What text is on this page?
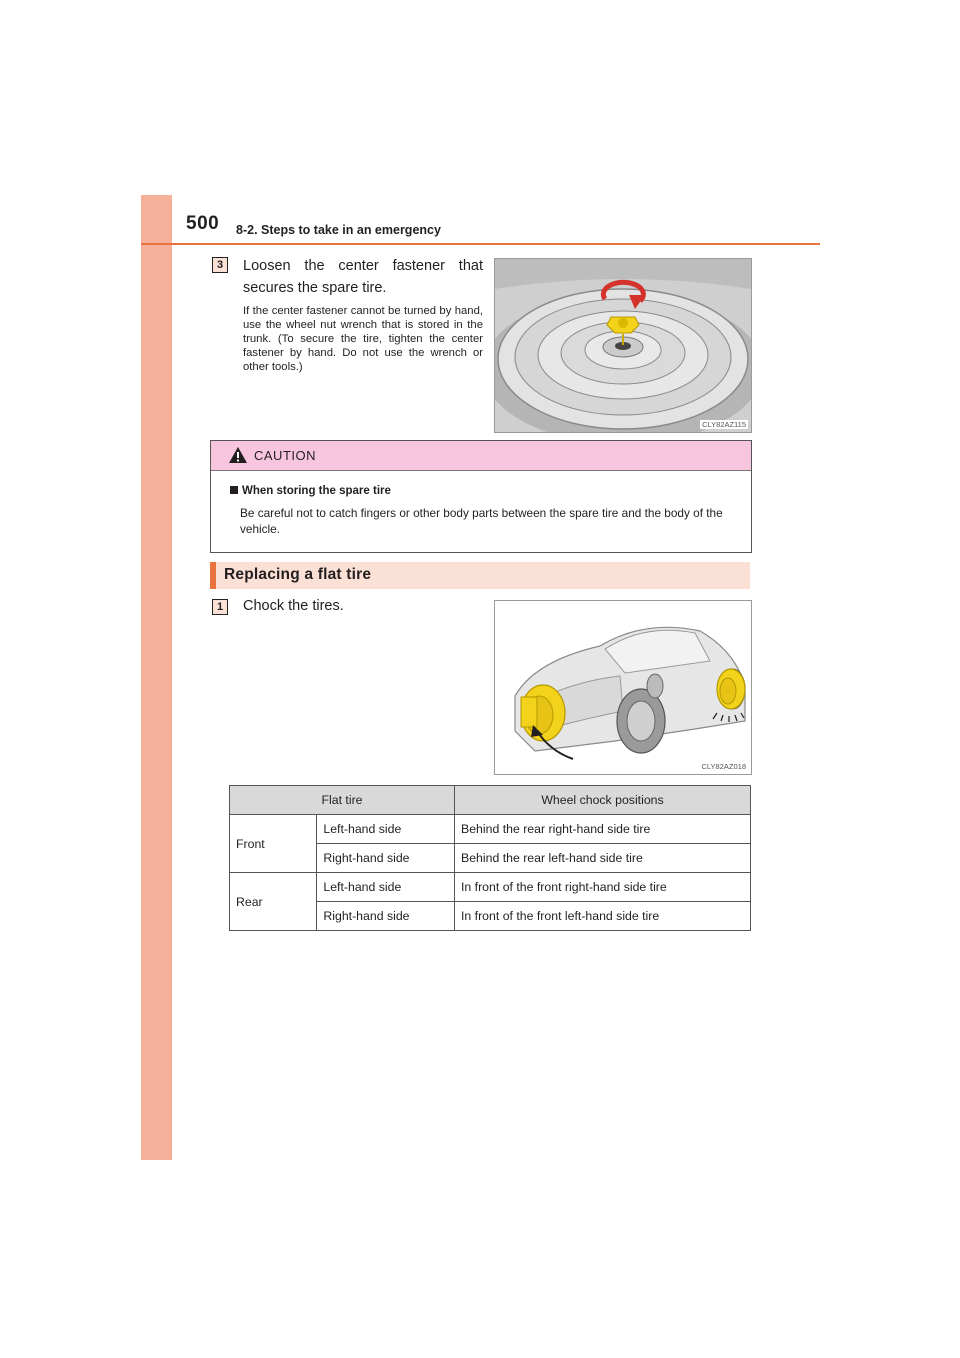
500 8-2. Steps to take in an emergency
3	Loosen the center fastener that secures the spare tire.
If the center fastener cannot be turned by hand, use the wheel nut wrench that is stored in the trunk. (To secure the tire, tighten the center fastener by hand. Do not use the wrench or other tools.)
CLY82AZ115
CAUTION
When storing the spare tire
Be careful not to catch fingers or other body parts between the spare tire and the body of the vehicle.
Replacing a flat tire
1	Chock the tires.
CLY82AZ018
Flat tire		Wheel chock positions
Front	Left-hand side	Behind the rear right-hand side tire
	Right-hand side	Behind the rear left-hand side tire
Rear	Left-hand side	In front of the front right-hand side tire
	Right-hand side	In front of the front left-hand side tire
